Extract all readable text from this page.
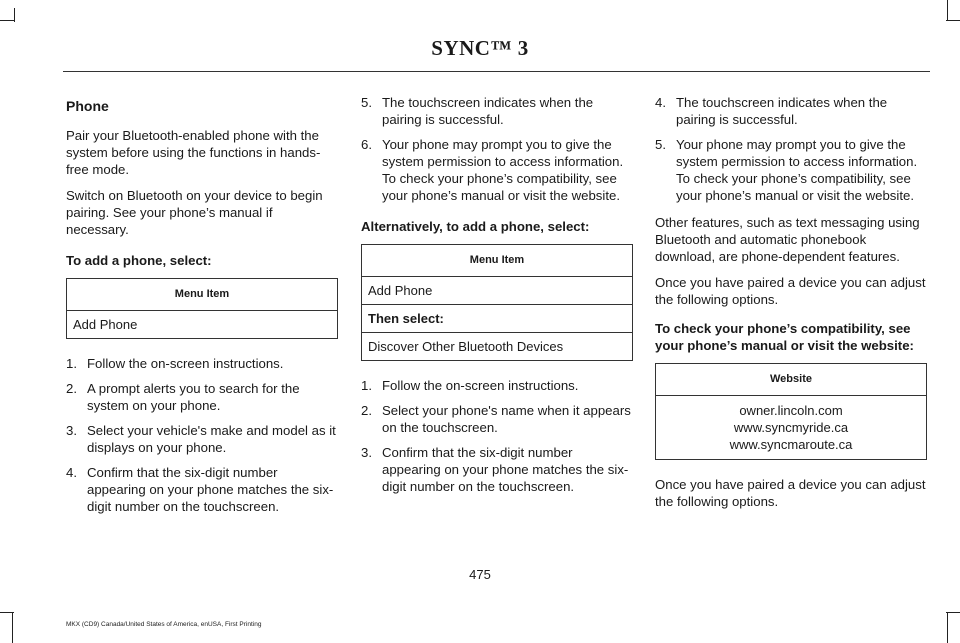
SYNC™ 3
Phone

Pair your Bluetooth-enabled phone with the system before using the functions in hands-free mode.

Switch on Bluetooth on your device to begin pairing. See your phone’s manual if necessary.

To add a phone, select:

Menu Item
Add Phone
1. Follow the on-screen instructions.
2. A prompt alerts you to search for the system on your phone.
3. Select your vehicle's make and model as it displays on your phone.
4. Confirm that the six-digit number appearing on your phone matches the six-digit number on the touchscreen.
5. The touchscreen indicates when the pairing is successful.
6. Your phone may prompt you to give the system permission to access information. To check your phone’s compatibility, see your phone’s manual or visit the website.

Alternatively, to add a phone, select:

Menu Item
Add Phone
Then select:
Discover Other Bluetooth Devices
1. Follow the on-screen instructions.
2. Select your phone's name when it appears on the touchscreen.
3. Confirm that the six-digit number appearing on your phone matches the six-digit number on the touchscreen.
4. The touchscreen indicates when the pairing is successful.
5. Your phone may prompt you to give the system permission to access information. To check your phone’s compatibility, see your phone’s manual or visit the website.

Other features, such as text messaging using Bluetooth and automatic phonebook download, are phone-dependent features.

Once you have paired a device you can adjust the following options.

To check your phone’s compatibility, see your phone’s manual or visit the website:

Website

owner.lincoln.com
www.syncmyride.ca
www.syncmaroute.ca

Once you have paired a device you can adjust the following options.

475
MKX (CD9) Canada/United States of America, enUSA, First Printing
